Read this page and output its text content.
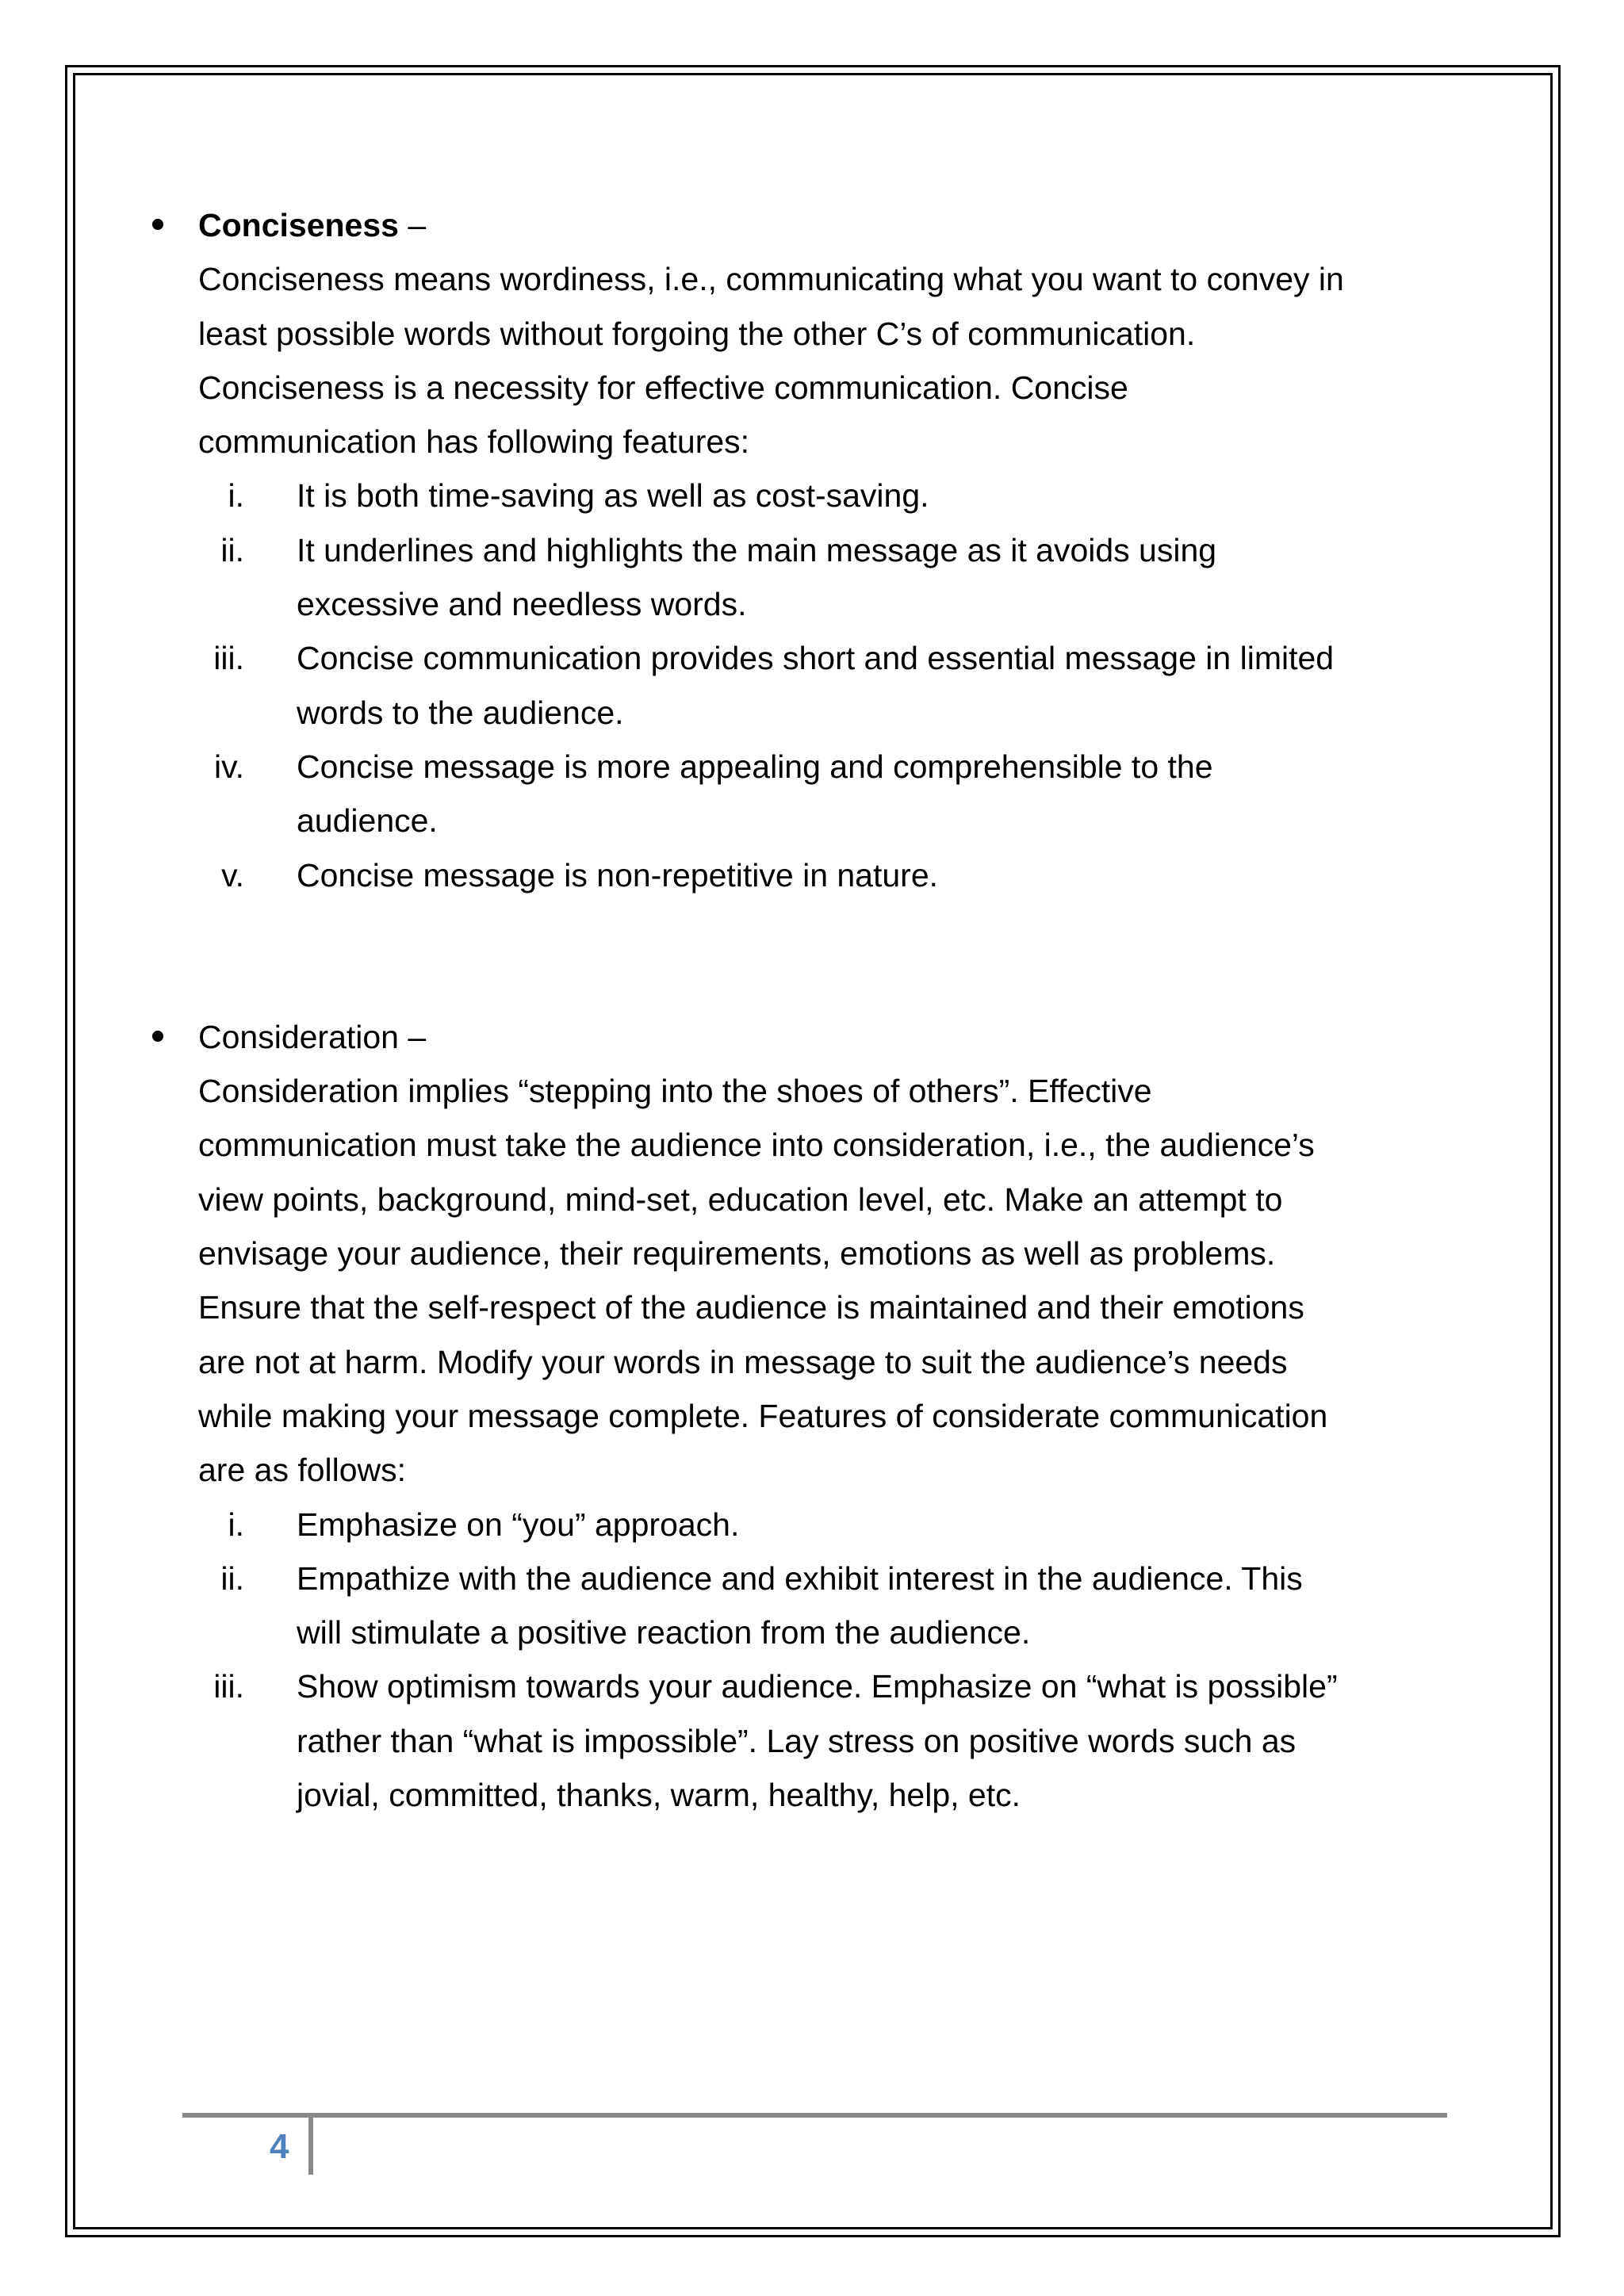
Conciseness –

Conciseness means wordiness, i.e., communicating what you want to convey in
least possible words without forgoing the other C’s of communication.
Conciseness is a necessity for effective communication. Concise
communication has following features:

i. It is both time-saving as well as cost-saving.
ii. It underlines and highlights the main message as it avoids using
excessive and needless words.
iii. Concise communication provides short and essential message in limited
words to the audience.
iv. Concise message is more appealing and comprehensible to the
audience.
v. Concise message is non-repetitive in nature.

Consideration –

Consideration implies “stepping into the shoes of others”. Effective
communication must take the audience into consideration, i.e., the audience’s
view points, background, mind-set, education level, etc. Make an attempt to
envisage your audience, their requirements, emotions as well as problems.
Ensure that the self-respect of the audience is maintained and their emotions
are not at harm. Modify your words in message to suit the audience’s needs
while making your message complete. Features of considerate communication
are as follows:

i. Emphasize on “you” approach.
ii. Empathize with the audience and exhibit interest in the audience. This
will stimulate a positive reaction from the audience.
iii. Show optimism towards your audience. Emphasize on “what is possible”
rather than “what is impossible”. Lay stress on positive words such as
jovial, committed, thanks, warm, healthy, help, etc.
4
